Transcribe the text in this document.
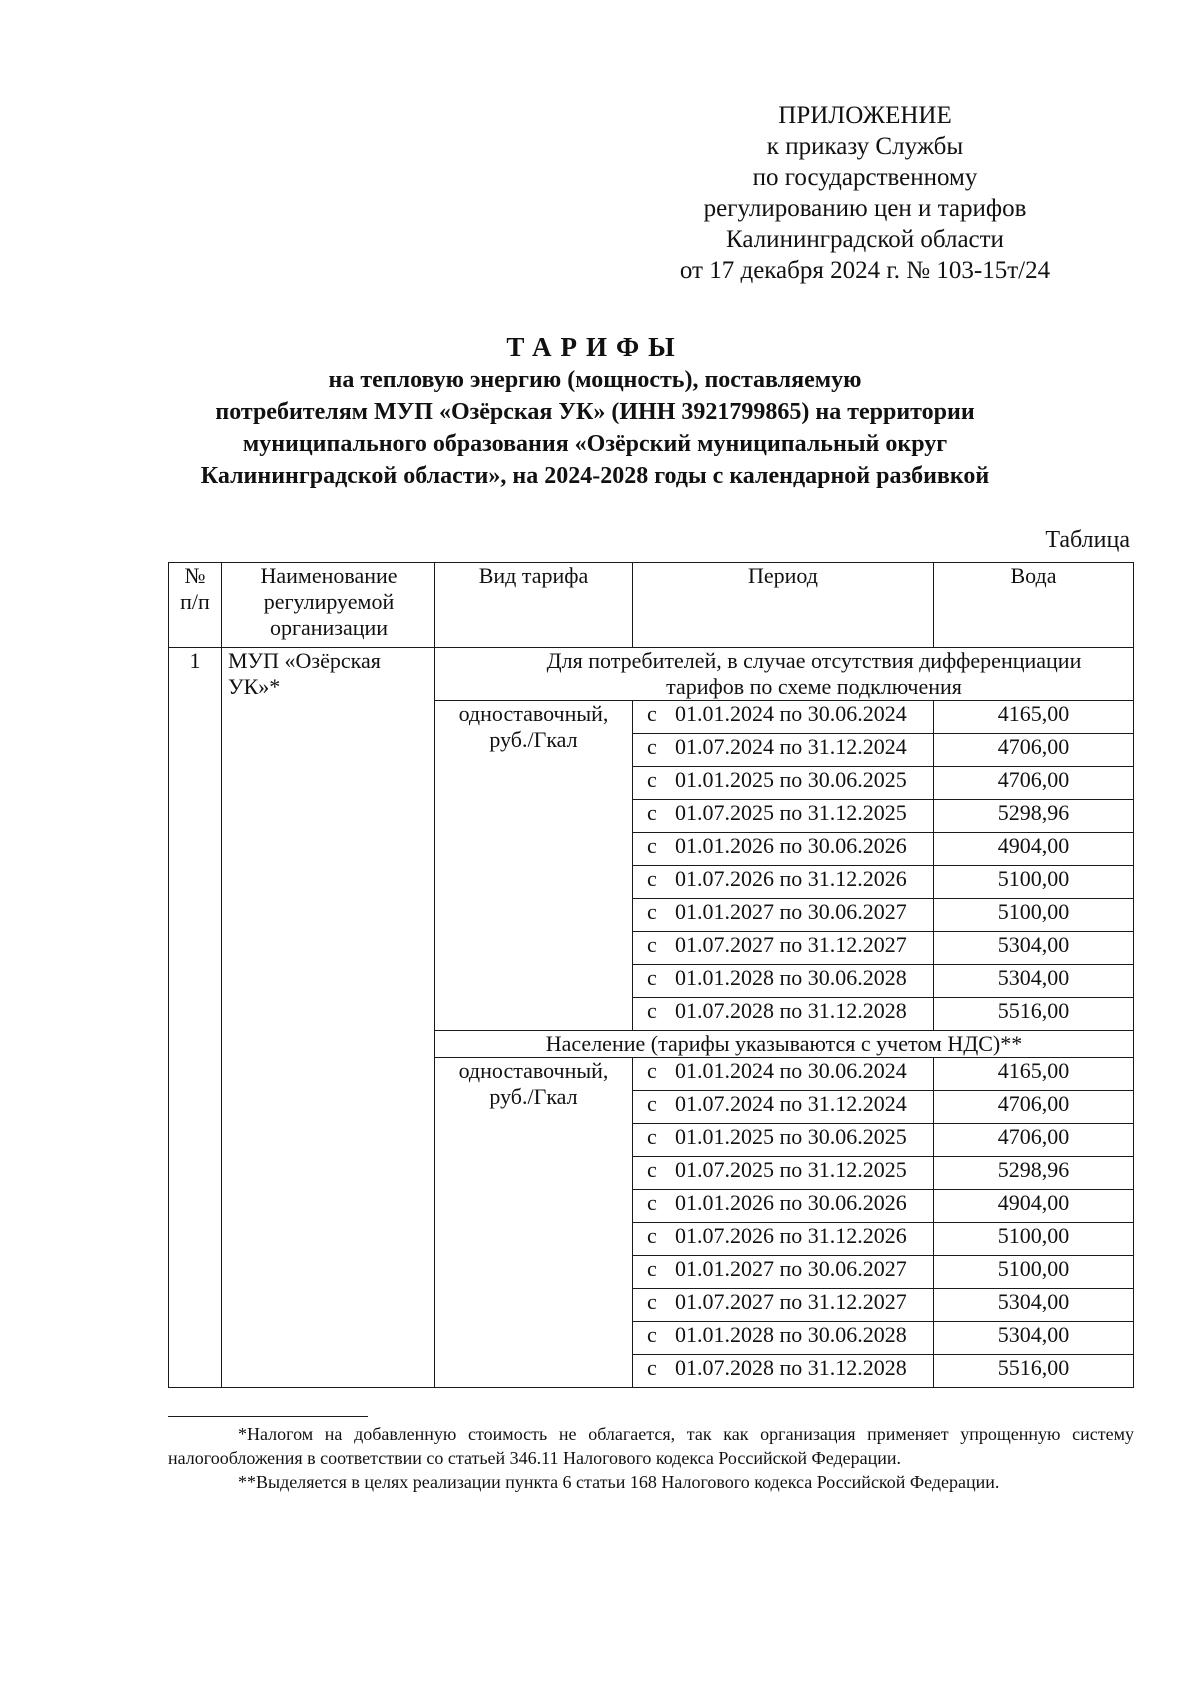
ПРИЛОЖЕНИЕ
к приказу Службы
по государственному
регулированию цен и тарифов
Калининградской области
от 17 декабря 2024 г. № 103-15т/24
ТАРИФЫ
на тепловую энергию (мощность), поставляемую
потребителям МУП «Озёрская УК» (ИНН 3921799865) на территории
муниципального образования «Озёрский муниципальный округ
Калининградской области», на 2024-2028 годы с календарной разбивкой
Таблица
№ п/п	Наименование регулируемой организации	Вид тарифа	Период	Вода
1	МУП «Озёрская УК»*	Для потребителей, в случае отсутствия дифференциации тарифов по схеме подключения		
		одноставочный, руб./Гкал	с 01.01.2024 по 30.06.2024	4165,00
			с 01.07.2024 по 31.12.2024	4706,00
			с 01.01.2025 по 30.06.2025	4706,00
			с 01.07.2025 по 31.12.2025	5298,96
			с 01.01.2026 по 30.06.2026	4904,00
			с 01.07.2026 по 31.12.2026	5100,00
			с 01.01.2027 по 30.06.2027	5100,00
			с 01.07.2027 по 31.12.2027	5304,00
			с 01.01.2028 по 30.06.2028	5304,00
			с 01.07.2028 по 31.12.2028	5516,00
		Население (тарифы указываются с учетом НДС)**		
		одноставочный, руб./Гкал	с 01.01.2024 по 30.06.2024	4165,00
			с 01.07.2024 по 31.12.2024	4706,00
			с 01.01.2025 по 30.06.2025	4706,00
			с 01.07.2025 по 31.12.2025	5298,96
			с 01.01.2026 по 30.06.2026	4904,00
			с 01.07.2026 по 31.12.2026	5100,00
			с 01.01.2027 по 30.06.2027	5100,00
			с 01.07.2027 по 31.12.2027	5304,00
			с 01.01.2028 по 30.06.2028	5304,00
			с 01.07.2028 по 31.12.2028	5516,00

*Налогом на добавленную стоимость не облагается, так как организация применяет упрощенную систему налогообложения в соответствии со статьей 346.11 Налогового кодекса Российской Федерации.

**Выделяется в целях реализации пункта 6 статьи 168 Налогового кодекса Российской Федерации.
